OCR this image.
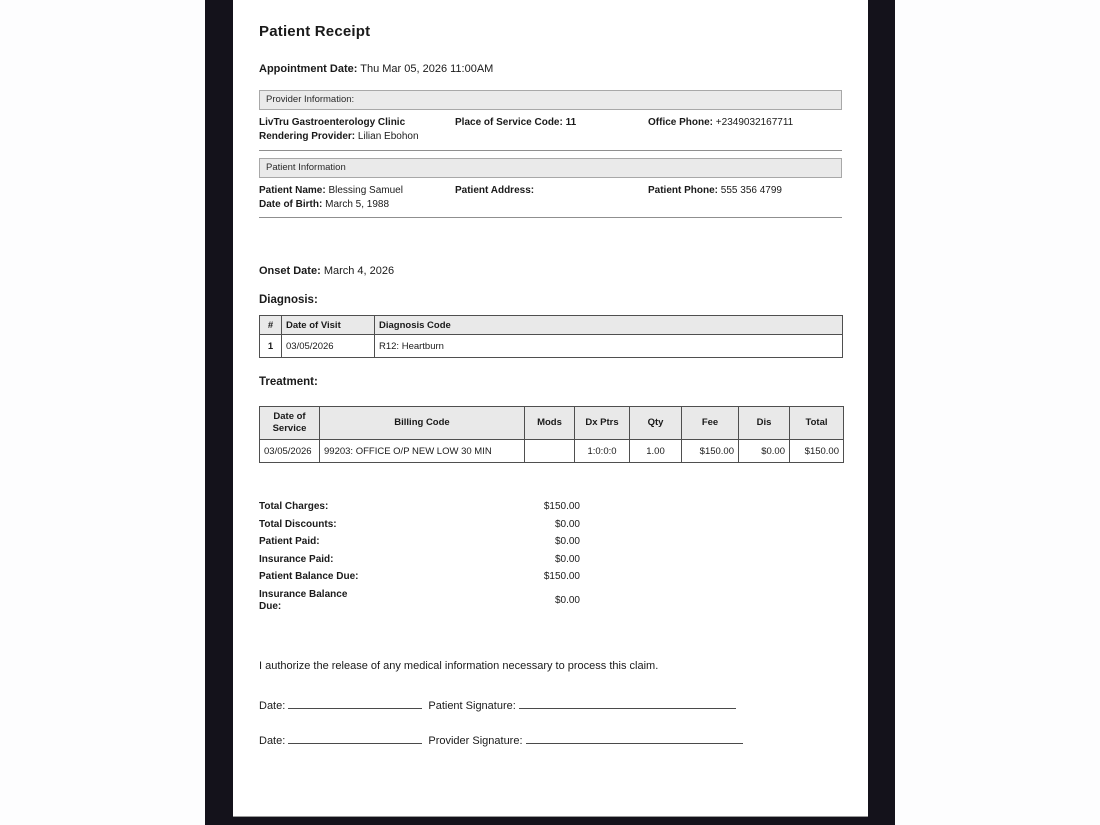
Patient Receipt
Appointment Date: Thu Mar 05, 2026 11:00AM
Provider Information:
LivTru Gastroenterology Clinic
Rendering Provider: Lilian Ebohon
Place of Service Code: 11	Office Phone: +2349032167711
Patient Information
Patient Name: Blessing Samuel
Date of Birth: March 5, 1988
Patient Address:	Patient Phone: 555 356 4799
Onset Date: March 4, 2026
Diagnosis:
#	Date of Visit	Diagnosis Code
1	03/05/2026	R12: Heartburn
Treatment:
Date of Service	Billing Code	Mods	Dx Ptrs	Qty	Fee	Dis	Total
03/05/2026	99203: OFFICE O/P NEW LOW 30 MIN		1:0:0:0	1.00	$150.00	$0.00	$150.00
Total Charges:	$150.00
Total Discounts:	$0.00
Patient Paid:	$0.00
Insurance Paid:	$0.00
Patient Balance Due:	$150.00
Insurance Balance Due:
$0.00
I authorize the release of any medical information necessary to process this claim.
Date:	Patient Signature:
Date:	Provider Signature:
